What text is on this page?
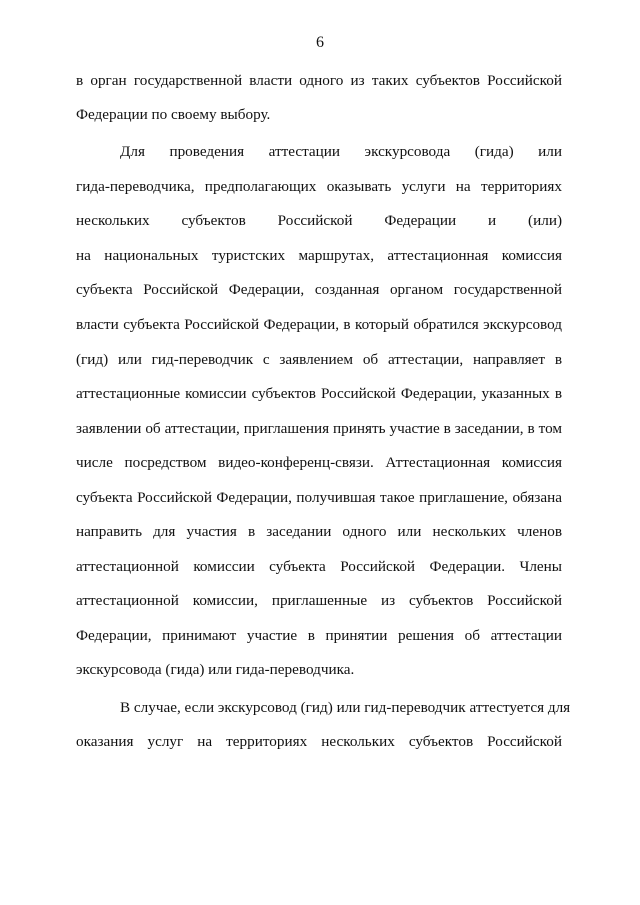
6
в орган государственной власти одного из таких субъектов Российской
Федерации по своему выбору.
Для проведения аттестации экскурсовода (гида) или
гида-переводчика, предполагающих оказывать услуги на территориях
нескольких субъектов Российской Федерации и (или)
на национальных туристских маршрутах, аттестационная комиссия
субъекта Российской Федерации, созданная органом государственной
власти субъекта Российской Федерации, в который обратился экскурсовод
(гид) или гид-переводчик с заявлением об аттестации, направляет в
аттестационные комиссии субъектов Российской Федерации, указанных в
заявлении об аттестации, приглашения принять участие в заседании, в том
числе посредством видео-конференц-связи. Аттестационная комиссия
субъекта Российской Федерации, получившая такое приглашение, обязана
направить для участия в заседании одного или нескольких членов
аттестационной комиссии субъекта Российской Федерации. Члены
аттестационной комиссии, приглашенные из субъектов Российской
Федерации, принимают участие в принятии решения об аттестации
экскурсовода (гида) или гида-переводчика.
В случае, если экскурсовод (гид) или гид-переводчик аттестуется для
оказания услуг на территориях нескольких субъектов Российской
